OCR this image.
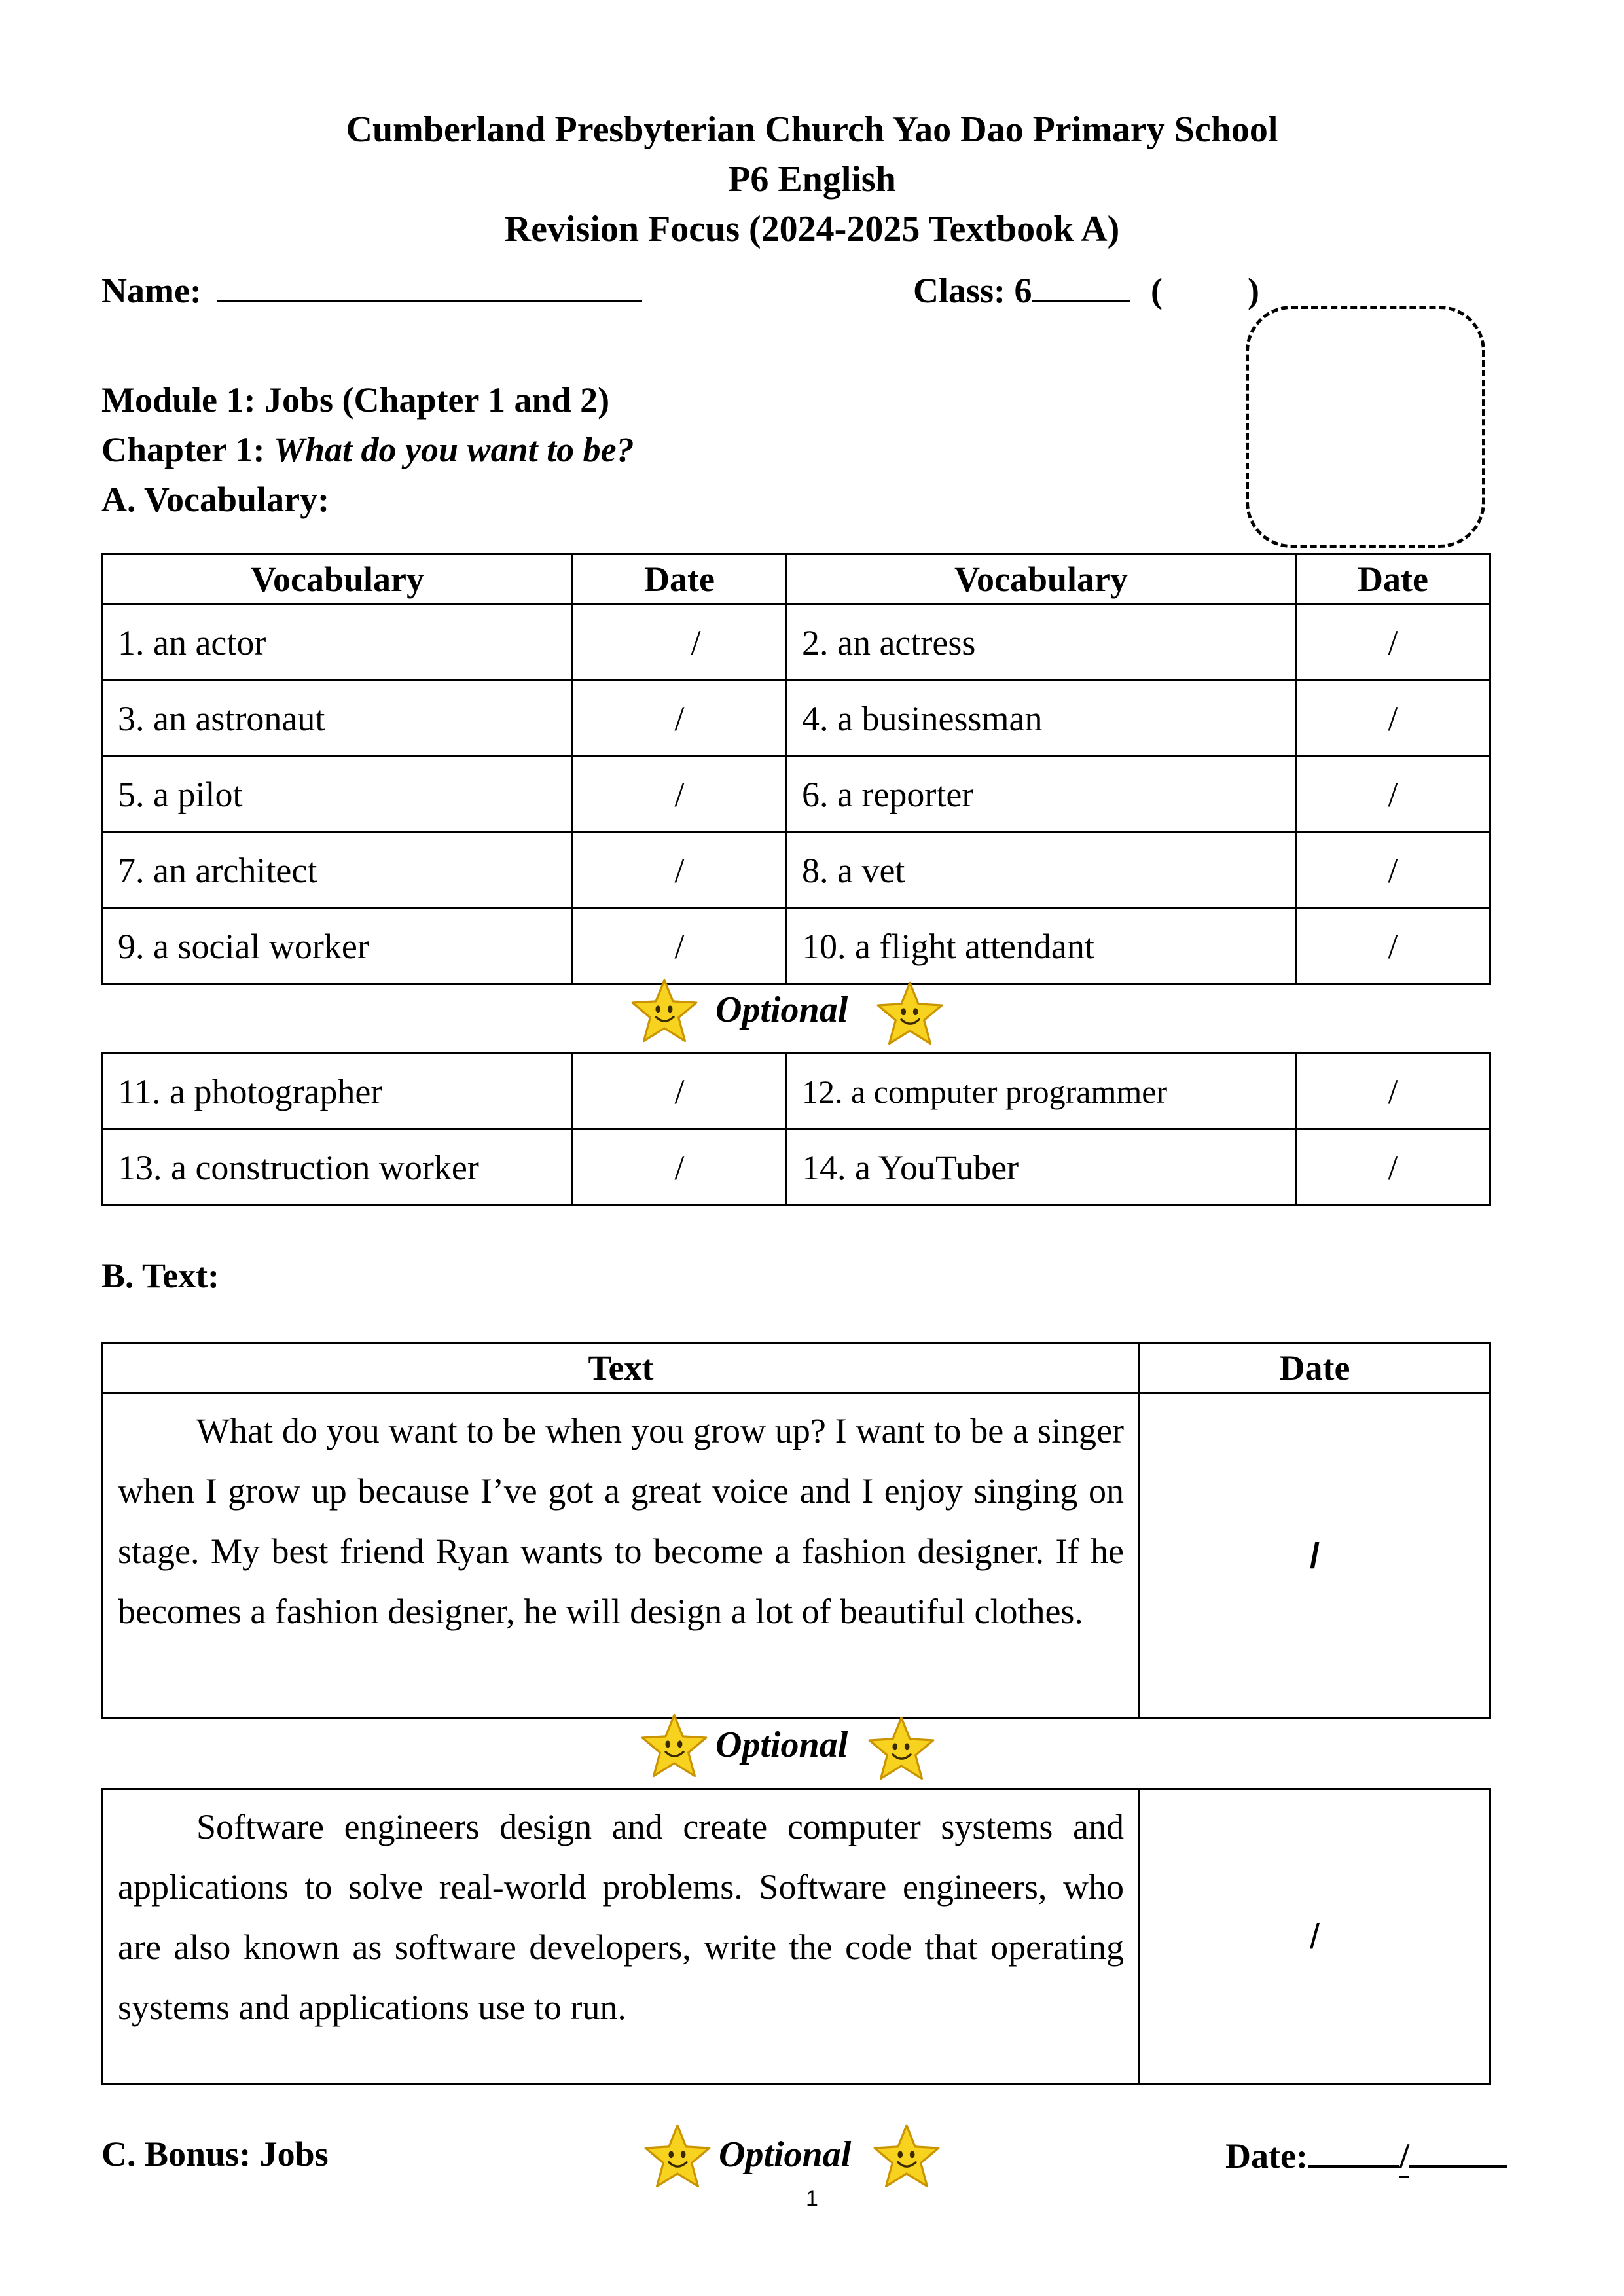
Cumberland Presbyterian Church Yao Dao Primary School
P6 English
Revision Focus (2024-2025 Textbook A)
Name:	Class: 6	( )
Module 1: Jobs (Chapter 1 and 2)
Chapter 1: What do you want to be?
A. Vocabulary:
Vocabulary	Date	Vocabulary	Date
1. an actor	/	2. an actress	/
3. an astronaut	/	4. a businessman	/
5. a pilot	/	6. a reporter	/
7. an architect	/	8. a vet	/
9. a social worker	/	10. a flight attendant	/
Optional
11. a photographer	/	12. a computer programmer	/
13. a construction worker	/	14. a YouTuber	/
B. Text:
Text	Date
What do you want to be when you grow up? I want to be a singer when I grow up because I’ve got a great voice and I enjoy singing on stage. My best friend Ryan wants to become a fashion designer. If he becomes a fashion designer, he will design a lot of beautiful clothes.	/
Optional
Software engineers design and create computer systems and applications to solve real-world problems. Software engineers, who are also known as software developers, write the code that operating systems and applications use to run.	/
C. Bonus: Jobs	Optional	Date:	/
1
